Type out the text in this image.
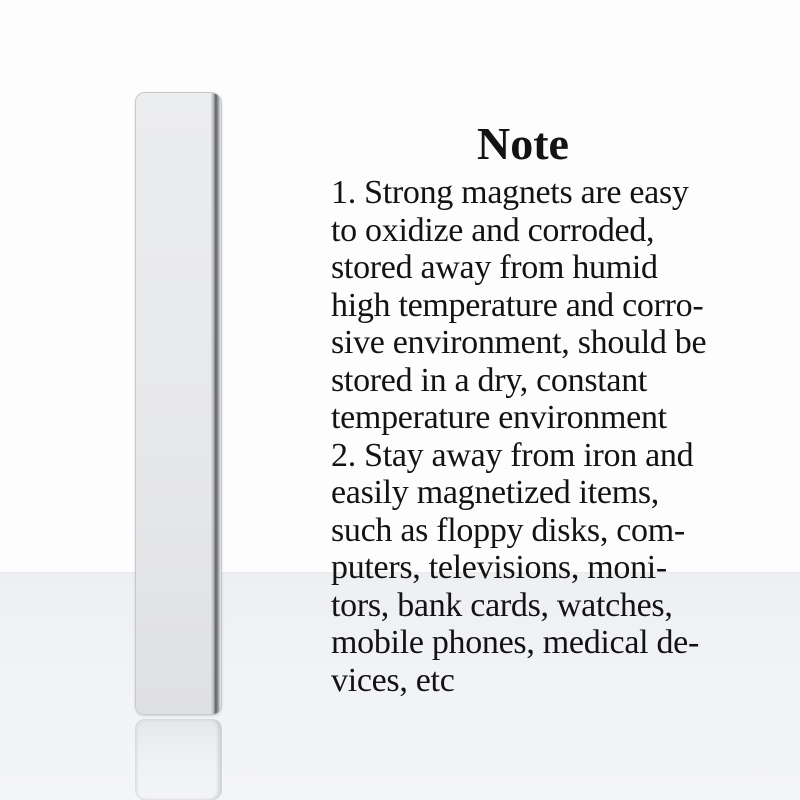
Note
1. Strong magnets are easy
to oxidize and corroded,
stored away from humid
high temperature and corro-
sive environment, should be
stored in a dry, constant
temperature environment
2. Stay away from iron and
easily magnetized items,
such as floppy disks, com-
puters, televisions, moni-
tors, bank cards, watches,
mobile phones, medical de-
vices, etc
